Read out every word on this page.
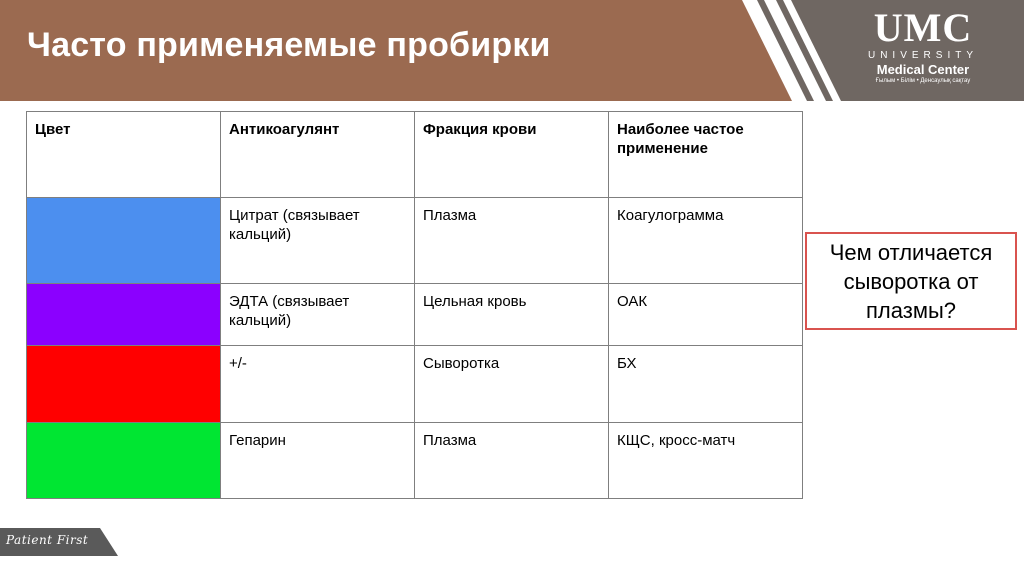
Часто применяемые пробирки	UMC
UNIVERSITY
Medical Center
Ғылым • Білім • Денсаулық сақтау
Цвет	Антикоагулянт	Фракция крови	Наиболее частое применение
	Цитрат (связывает кальций)	Плазма	Коагулограмма
	ЭДТА (связывает кальций)	Цельная кровь	ОАК
	+/-	Сыворотка	БХ
	Гепарин	Плазма	КЩС, кросс-матч
Чем отличается сыворотка от плазмы?
Patient First
